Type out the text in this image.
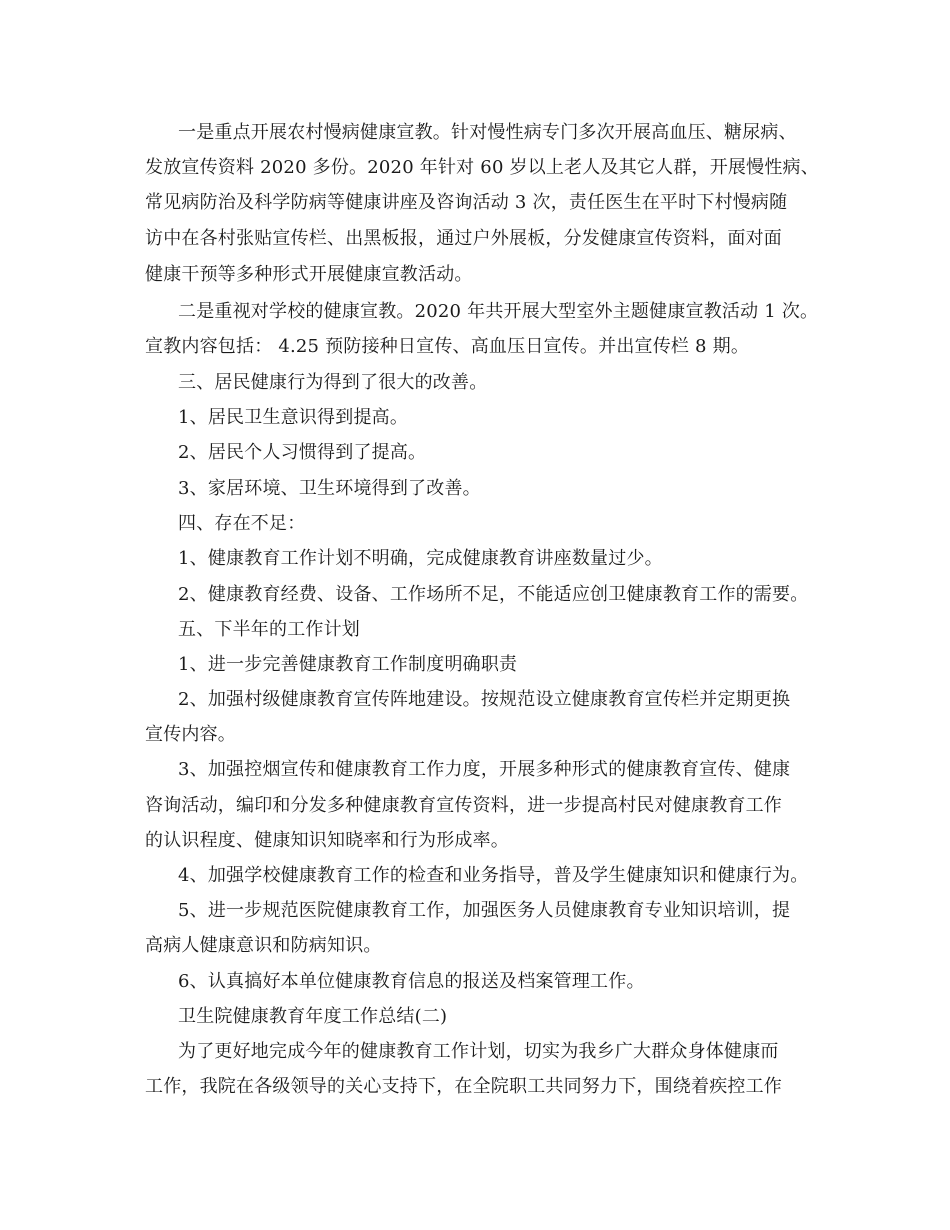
一是重点开展农村慢病健康宣教。针对慢性病专门多次开展高血压、糖尿病、
发放宣传资料 2020 多份。2020 年针对 60 岁以上老人及其它人群，开展慢性病、
常见病防治及科学防病等健康讲座及咨询活动 3 次，责任医生在平时下村慢病随
访中在各村张贴宣传栏、出黑板报，通过户外展板，分发健康宣传资料，面对面
健康干预等多种形式开展健康宣教活动。
二是重视对学校的健康宣教。2020 年共开展大型室外主题健康宣教活动 1 次。
宣教内容包括： 4.25 预防接种日宣传、高血压日宣传。并出宣传栏 8 期。
三、居民健康行为得到了很大的改善。
1、居民卫生意识得到提高。
2、居民个人习惯得到了提高。
3、家居环境、卫生环境得到了改善。
四、存在不足：
1、健康教育工作计划不明确，完成健康教育讲座数量过少。
2、健康教育经费、设备、工作场所不足，不能适应创卫健康教育工作的需要。
五、下半年的工作计划
1、进一步完善健康教育工作制度明确职责
2、加强村级健康教育宣传阵地建设。按规范设立健康教育宣传栏并定期更换
宣传内容。
3、加强控烟宣传和健康教育工作力度，开展多种形式的健康教育宣传、健康
咨询活动，编印和分发多种健康教育宣传资料，进一步提高村民对健康教育工作
的认识程度、健康知识知晓率和行为形成率。
4、加强学校健康教育工作的检查和业务指导，普及学生健康知识和健康行为。
5、进一步规范医院健康教育工作，加强医务人员健康教育专业知识培训，提
高病人健康意识和防病知识。
6、认真搞好本单位健康教育信息的报送及档案管理工作。
卫生院健康教育年度工作总结(二)
为了更好地完成今年的健康教育工作计划，切实为我乡广大群众身体健康而
工作，我院在各级领导的关心支持下，在全院职工共同努力下，围绕着疾控工作
